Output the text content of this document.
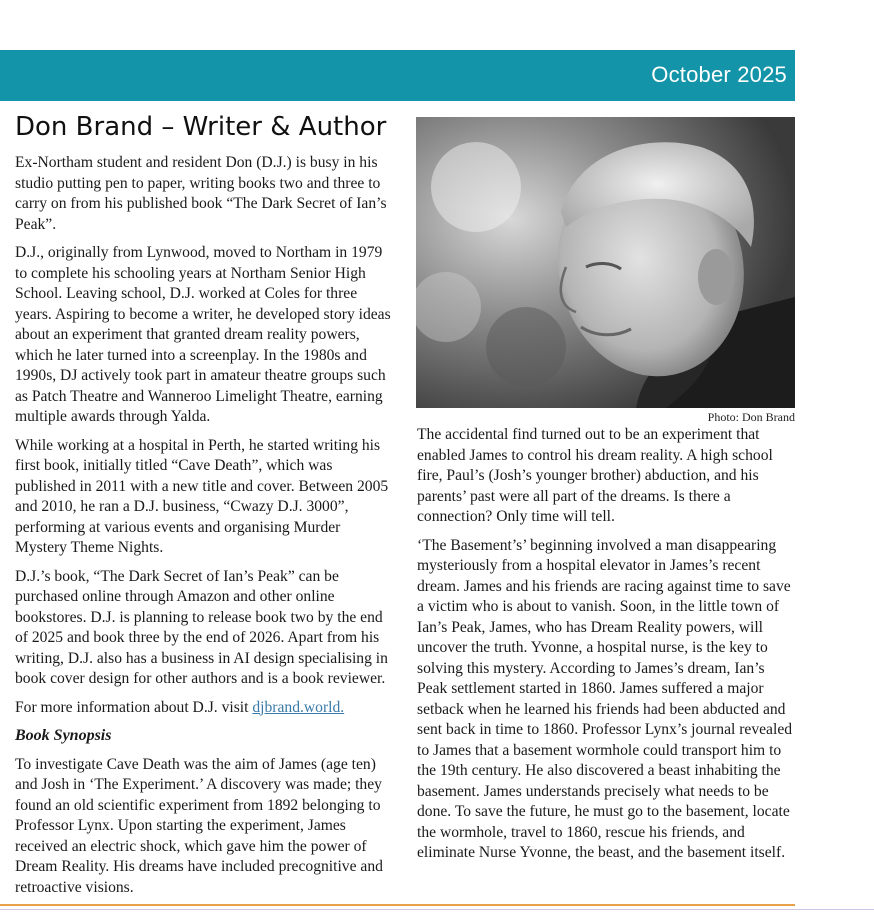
October 2025
Don Brand – Writer & Author

Ex-Northam student and resident Don (D.J.) is busy in his studio putting pen to paper, writing books two and three to carry on from his published book “The Dark Secret of Ian’s Peak”.

D.J., originally from Lynwood, moved to Northam in 1979 to complete his schooling years at Northam Senior High School. Leaving school, D.J. worked at Coles for three years. Aspiring to become a writer, he developed story ideas about an experiment that granted dream reality powers, which he later turned into a screenplay. In the 1980s and 1990s, DJ actively took part in amateur theatre groups such as Patch Theatre and Wanneroo Limelight Theatre, earning multiple awards through Yalda.

While working at a hospital in Perth, he started writing his first book, initially titled “Cave Death”, which was published in 2011 with a new title and cover. Between 2005 and 2010, he ran a D.J. business, “Cwazy D.J. 3000”, performing at various events and organising Murder Mystery Theme Nights.

D.J.’s book, “The Dark Secret of Ian’s Peak” can be purchased online through Amazon and other online bookstores. D.J. is planning to release book two by the end of 2025 and book three by the end of 2026. Apart from his writing, D.J. also has a business in AI design specialising in book cover design for other authors and is a book reviewer.

For more information about D.J. visit djbrand.world.

Book Synopsis

To investigate Cave Death was the aim of James (age ten) and Josh in ‘The Experiment.’ A discovery was made; they found an old scientific experiment from 1892 belonging to Professor Lynx. Upon starting the experiment, James received an electric shock, which gave him the power of Dream Reality. His dreams have included precognitive and retroactive visions.

Photo: Don Brand

The accidental find turned out to be an experiment that enabled James to control his dream reality. A high school fire, Paul’s (Josh’s younger brother) abduction, and his parents’ past were all part of the dreams. Is there a connection? Only time will tell.

‘The Basement’s’ beginning involved a man disappearing mysteriously from a hospital elevator in James’s recent dream. James and his friends are racing against time to save a victim who is about to vanish. Soon, in the little town of Ian’s Peak, James, who has Dream Reality powers, will uncover the truth. Yvonne, a hospital nurse, is the key to solving this mystery. According to James’s dream, Ian’s Peak settlement started in 1860. James suffered a major setback when he learned his friends had been abducted and sent back in time to 1860. Professor Lynx’s journal revealed to James that a basement wormhole could transport him to the 19th century. He also discovered a beast inhabiting the basement. James understands precisely what needs to be done. To save the future, he must go to the basement, locate the wormhole, travel to 1860, rescue his friends, and eliminate Nurse Yvonne, the beast, and the basement itself.
